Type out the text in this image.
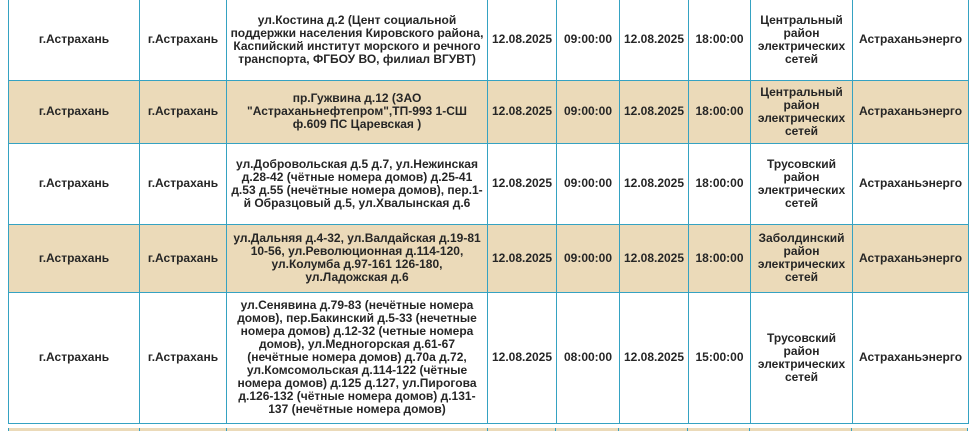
г.Астрахань	г.Астрахань	ул.Костина д.2 (Цент социальной поддержки населения Кировского района, Каспийский институт морского и речного транспорта, ФГБОУ ВО, филиал ВГУВТ)	12.08.2025	09:00:00	12.08.2025	18:00:00	Центральный район электрических сетей	Астраханьэнерго
г.Астрахань	г.Астрахань	пр.Гужвина д.12 (ЗАО "Астраханьнефтепром",ТП-993 1-СШ ф.609 ПС Царевская )	12.08.2025	09:00:00	12.08.2025	18:00:00	Центральный район электрических сетей	Астраханьэнерго
г.Астрахань	г.Астрахань	ул.Добровольская д.5 д.7, ул.Нежинская д.28-42 (чётные номера домов) д.25-41 д.53 д.55 (нечётные номера домов), пер.1-й Образцовый д.5, ул.Хвалынская д.6	12.08.2025	09:00:00	12.08.2025	18:00:00	Трусовский район электрических сетей	Астраханьэнерго
г.Астрахань	г.Астрахань	ул.Дальняя д.4-32, ул.Валдайская д.19-81 10-56, ул.Революционная д.114-120, ул.Колумба д.97-161 126-180, ул.Ладожская д.6	12.08.2025	09:00:00	12.08.2025	18:00:00	Заболдинский район электрических сетей	Астраханьэнерго
г.Астрахань	г.Астрахань	ул.Сенявина д.79-83 (нечётные номера домов), пер.Бакинский д.5-33 (нечетные номера домов) д.12-32 (четные номера домов), ул.Медногорская д.61-67 (нечётные номера домов) д.70а д.72, ул.Комсомольская д.114-122 (чётные номера домов) д.125 д.127, ул.Пирогова д.126-132 (чётные номера домов) д.131-137 (нечётные номера домов)	12.08.2025	08:00:00	12.08.2025	15:00:00	Трусовский район электрических сетей	Астраханьэнерго
